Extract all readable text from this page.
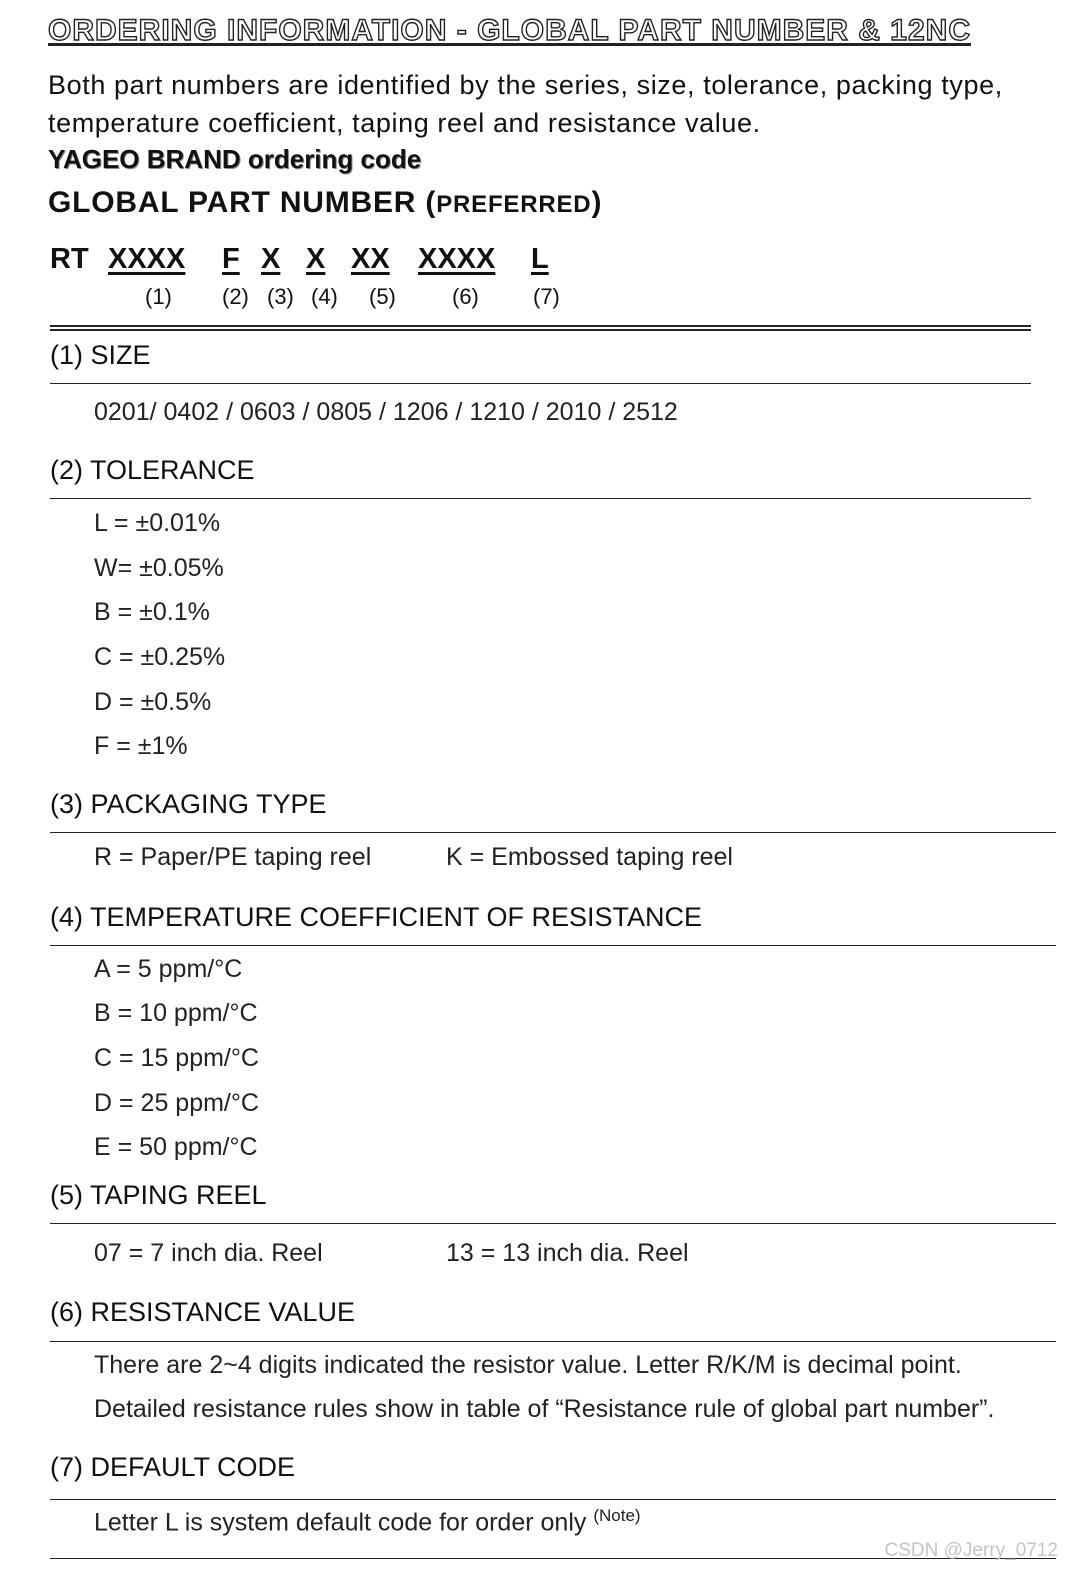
ORDERING INFORMATION - GLOBAL PART NUMBER & 12NC
Both part numbers are identified by the series, size, tolerance, packing type, temperature coefficient, taping reel and resistance value.
YAGEO BRAND ordering code
GLOBAL PART NUMBER (PREFERRED)
RT XXXX F X X XX XXXX L
(1) (2) (3) (4) (5)	(6) (7)
(1) SIZE
0201/ 0402 / 0603 / 0805 / 1206 / 1210 / 2010 / 2512
(2) TOLERANCE
L = ±0.01%
W= ±0.05%
B = ±0.1%
C = ±0.25%
D = ±0.5%
F = ±1%
(3) PACKAGING TYPE
R = Paper/PE taping reel	K = Embossed taping reel
(4) TEMPERATURE COEFFICIENT OF RESISTANCE
A = 5 ppm/°C
B = 10 ppm/°C
C = 15 ppm/°C
D = 25 ppm/°C
E = 50 ppm/°C
(5) TAPING REEL
07 = 7 inch dia. Reel	13 = 13 inch dia. Reel
(6) RESISTANCE VALUE
There are 2~4 digits indicated the resistor value. Letter R/K/M is decimal point.
Detailed resistance rules show in table of “Resistance rule of global part number”.
(7) DEFAULT CODE
Letter L is system default code for order only $^{(Note)}$
CSDN @Jerry_0712
